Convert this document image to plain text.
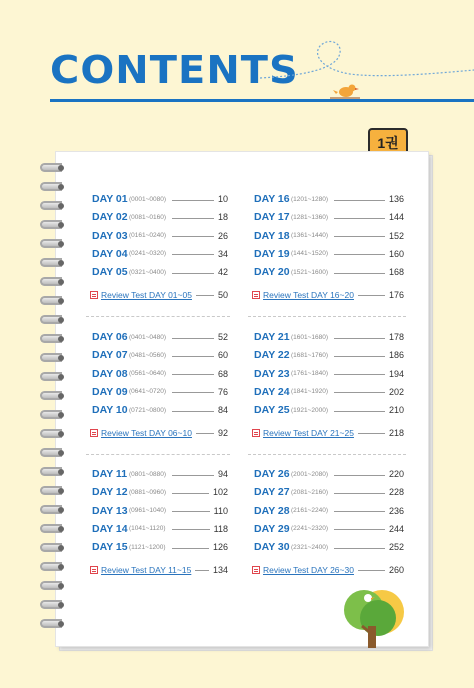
CONTENTS
1권
DAY 01 (0001~0080)	10
DAY 02 (0081~0160)	18
DAY 03 (0161~0240)	26
DAY 04 (0241~0320)	34
DAY 05 (0321~0400)	42
Review Test DAY 01~05	50
DAY 06 (0401~0480)	52
DAY 07 (0481~0560)	60
DAY 08 (0561~0640)	68
DAY 09 (0641~0720)	76
DAY 10 (0721~0800)	84
Review Test DAY 06~10	92
DAY 11 (0801~0880)	94
DAY 12 (0881~0960)	102
DAY 13 (0961~1040)	110
DAY 14 (1041~1120)	118
DAY 15 (1121~1200)	126
Review Test DAY 11~15 134
DAY 16 (1201~1280)	136
DAY 17 (1281~1360)	144
DAY 18 (1361~1440)	152
DAY 19 (1441~1520)	160
DAY 20 (1521~1600)	168
Review Test DAY 16~20	176
DAY 21 (1601~1680)	178
DAY 22 (1681~1760)	186
DAY 23 (1761~1840)	194
DAY 24 (1841~1920)	202
DAY 25 (1921~2000)	210
Review Test DAY 21~25	218
DAY 26 (2001~2080)	220
DAY 27 (2081~2160)	228
DAY 28 (2161~2240)	236
DAY 29 (2241~2320)	244
DAY 30 (2321~2400)	252
Review Test DAY 26~30	260
